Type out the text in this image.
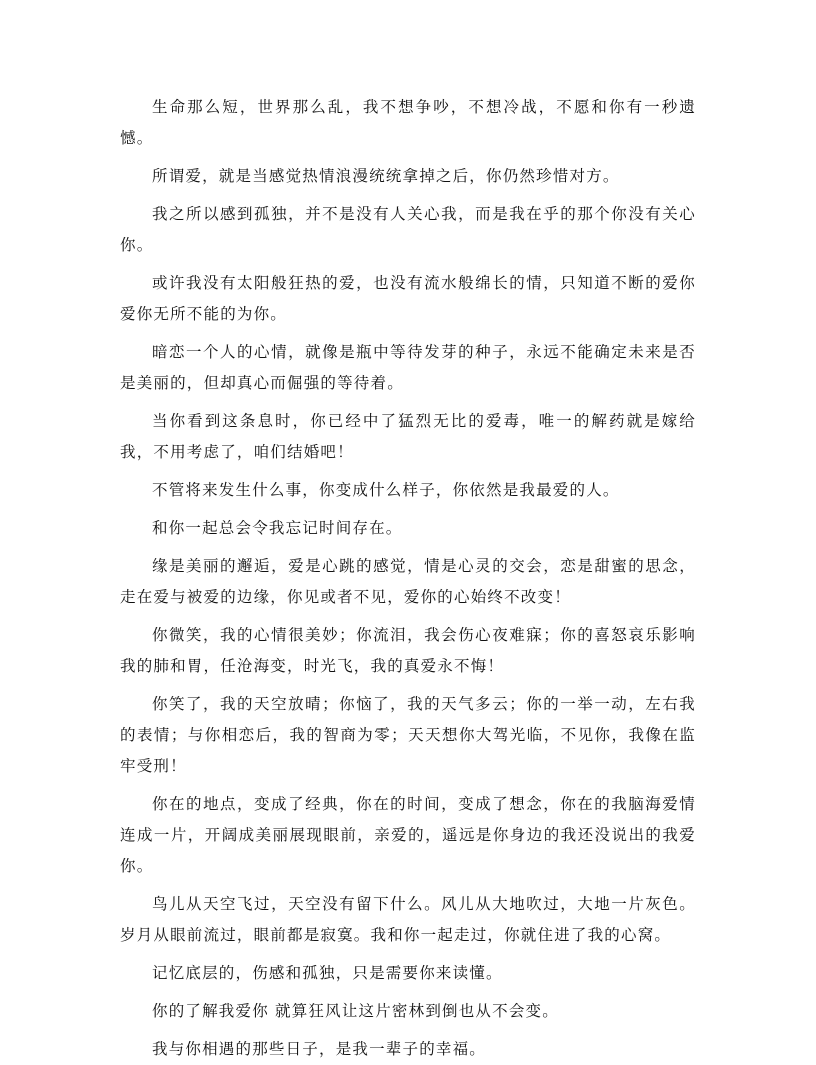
生命那么短，世界那么乱，我不想争吵，不想冷战，不愿和你有一秒遗憾。

所谓爱，就是当感觉热情浪漫统统拿掉之后，你仍然珍惜对方。

我之所以感到孤独，并不是没有人关心我，而是我在乎的那个你没有关心你。

或许我没有太阳般狂热的爱，也没有流水般绵长的情，只知道不断的爱你爱你无所不能的为你。

暗恋一个人的心情，就像是瓶中等待发芽的种子，永远不能确定未来是否是美丽的，但却真心而倔强的等待着。

当你看到这条息时，你已经中了猛烈无比的爱毒，唯一的解药就是嫁给我，不用考虑了，咱们结婚吧！

不管将来发生什么事，你变成什么样子，你依然是我最爱的人。

和你一起总会令我忘记时间存在。

缘是美丽的邂逅，爱是心跳的感觉，情是心灵的交会，恋是甜蜜的思念，走在爱与被爱的边缘，你见或者不见，爱你的心始终不改变！

你微笑，我的心情很美妙；你流泪，我会伤心夜难寐；你的喜怒哀乐影响我的肺和胃，任沧海变，时光飞，我的真爱永不悔！

你笑了，我的天空放晴；你恼了，我的天气多云；你的一举一动，左右我的表情；与你相恋后，我的智商为零；天天想你大驾光临，不见你，我像在监牢受刑！

你在的地点，变成了经典，你在的时间，变成了想念，你在的我脑海爱情连成一片，开阔成美丽展现眼前，亲爱的，遥远是你身边的我还没说出的我爱你。

鸟儿从天空飞过，天空没有留下什么。风儿从大地吹过，大地一片灰色。岁月从眼前流过，眼前都是寂寞。我和你一起走过，你就住进了我的心窝。

记忆底层的，伤感和孤独，只是需要你来读懂。

你的了解我爱你 就算狂风让这片密林到倒也从不会变。

我与你相遇的那些日子，是我一辈子的幸福。
